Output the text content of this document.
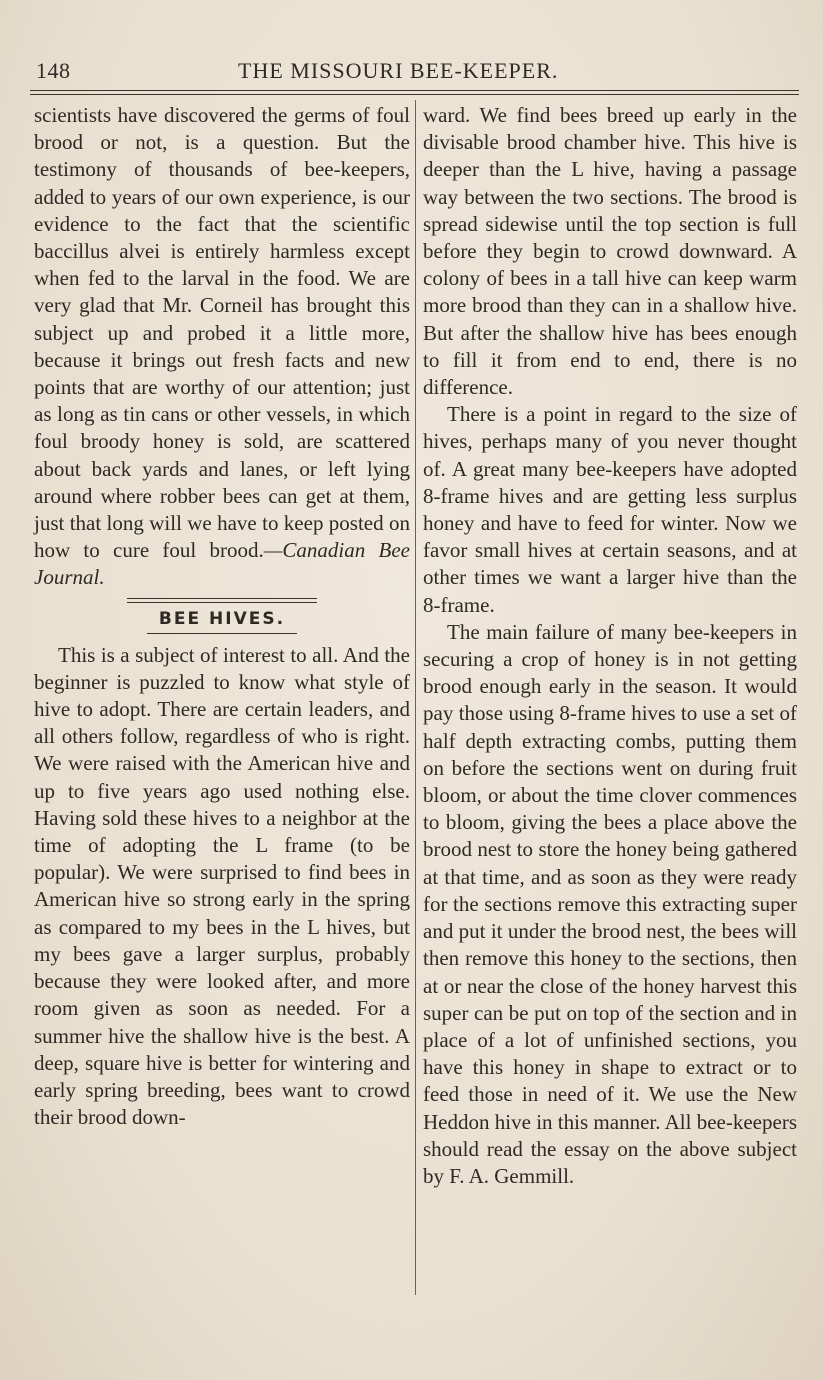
148	THE MISSOURI BEE-KEEPER.

scientists have discovered the germs of foul brood or not, is a question. But the testimony of thousands of bee-keepers, added to years of our own experience, is our evidence to the fact that the scientific baccillus alvei is entirely harmless except when fed to the larval in the food. We are very glad that Mr. Corneil has brought this subject up and probed it a little more, because it brings out fresh facts and new points that are worthy of our attention; just as long as tin cans or other vessels, in which foul broody honey is sold, are scattered about back yards and lanes, or left lying around where robber bees can get at them, just that long will we have to keep posted on how to cure foul brood.—Canadian Bee Journal.

BEE HIVES.

This is a subject of interest to all. And the beginner is puzzled to know what style of hive to adopt. There are certain leaders, and all others follow, regardless of who is right. We were raised with the American hive and up to five years ago used nothing else. Having sold these hives to a neighbor at the time of adopting the L frame (to be popular). We were surprised to find bees in American hive so strong early in the spring as compared to my bees in the L hives, but my bees gave a larger surplus, probably because they were looked after, and more room given as soon as needed. For a summer hive the shallow hive is the best. A deep, square hive is better for wintering and early spring breeding, bees want to crowd their brood down-

ward. We find bees breed up early in the divisable brood chamber hive. This hive is deeper than the L hive, having a passage way between the two sections. The brood is spread sidewise until the top section is full before they begin to crowd downward. A colony of bees in a tall hive can keep warm more brood than they can in a shallow hive. But after the shallow hive has bees enough to fill it from end to end, there is no difference.

There is a point in regard to the size of hives, perhaps many of you never thought of. A great many bee-keepers have adopted 8-frame hives and are getting less surplus honey and have to feed for winter. Now we favor small hives at certain seasons, and at other times we want a larger hive than the 8-frame.

The main failure of many bee-keepers in securing a crop of honey is in not getting brood enough early in the season. It would pay those using 8-frame hives to use a set of half depth extracting combs, putting them on before the sections went on during fruit bloom, or about the time clover commences to bloom, giving the bees a place above the brood nest to store the honey being gathered at that time, and as soon as they were ready for the sections remove this extracting super and put it under the brood nest, the bees will then remove this honey to the sections, then at or near the close of the honey harvest this super can be put on top of the section and in place of a lot of unfinished sections, you have this honey in shape to extract or to feed those in need of it. We use the New Heddon hive in this manner. All bee-keepers should read the essay on the above subject by F. A. Gemmill.
